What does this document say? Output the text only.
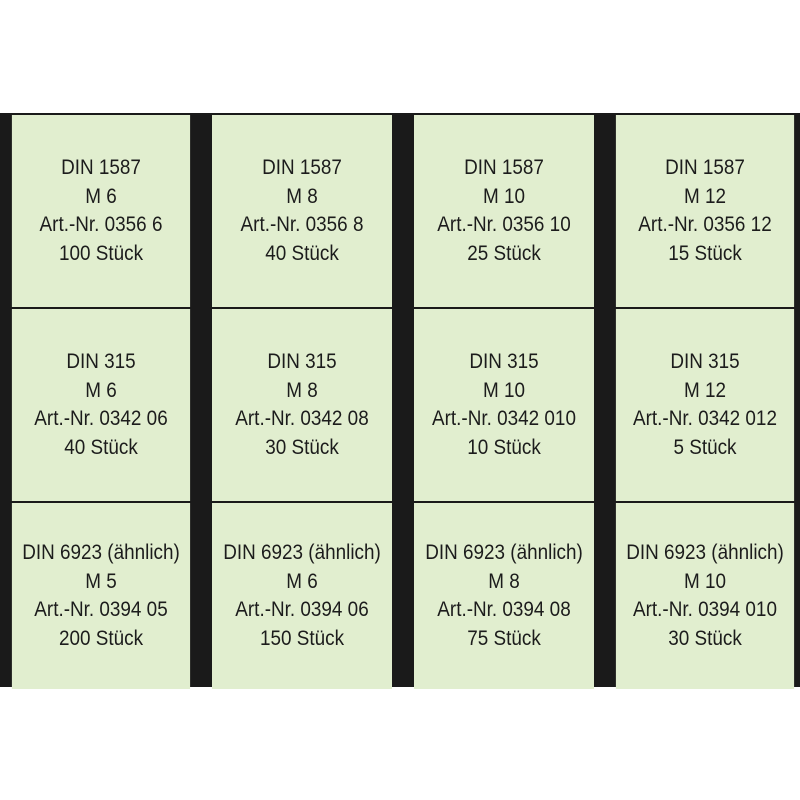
DIN 1587
M 6
Art.-Nr. 0356 6
100 Stück
DIN 1587
M 8
Art.-Nr. 0356 8
40 Stück
DIN 1587
M 10
Art.-Nr. 0356 10
25 Stück
DIN 1587
M 12
Art.-Nr. 0356 12
15 Stück
DIN 315
M 6
Art.-Nr. 0342 06
40 Stück
DIN 315
M 8
Art.-Nr. 0342 08
30 Stück
DIN 315
M 10
Art.-Nr. 0342 010
10 Stück
DIN 315
M 12
Art.-Nr. 0342 012
5 Stück
DIN 6923 (ähnlich)
M 5
Art.-Nr. 0394 05
200 Stück
DIN 6923 (ähnlich)
M 6
Art.-Nr. 0394 06
150 Stück
DIN 6923 (ähnlich)
M 8
Art.-Nr. 0394 08
75 Stück
DIN 6923 (ähnlich)
M 10
Art.-Nr. 0394 010
30 Stück
